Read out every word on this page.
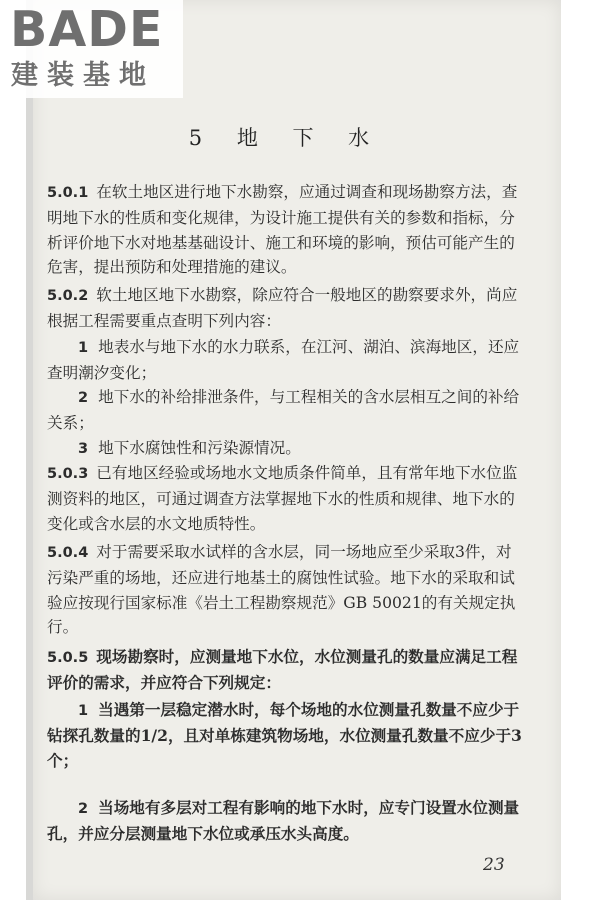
BADE
建装基地
5 地 下 水

5.0.1 在软土地区进行地下水勘察，应通过调查和现场勘察方法，查明地下水的性质和变化规律，为设计施工提供有关的参数和指标，分析评价地下水对地基基础设计、施工和环境的影响，预估可能产生的危害，提出预防和处理措施的建议。

5.0.2 软土地区地下水勘察，除应符合一般地区的勘察要求外，尚应根据工程需要重点查明下列内容：

1 地表水与地下水的水力联系，在江河、湖泊、滨海地区，还应查明潮汐变化；

2 地下水的补给排泄条件，与工程相关的含水层相互之间的补给关系；

3 地下水腐蚀性和污染源情况。

5.0.3 已有地区经验或场地水文地质条件简单，且有常年地下水位监测资料的地区，可通过调查方法掌握地下水的性质和规律、地下水的变化或含水层的水文地质特性。

5.0.4 对于需要采取水试样的含水层，同一场地应至少采取3件，对污染严重的场地，还应进行地基土的腐蚀性试验。地下水的采取和试验应按现行国家标准《岩土工程勘察规范》GB 50021的有关规定执行。

5.0.5 现场勘察时，应测量地下水位，水位测量孔的数量应满足工程评价的需求，并应符合下列规定：

1 当遇第一层稳定潜水时，每个场地的水位测量孔数量不应少于钻探孔数量的1/2，且对单栋建筑物场地，水位测量孔数量不应少于3个；

2 当场地有多层对工程有影响的地下水时，应专门设置水位测量孔，并应分层测量地下水位或承压水头高度。

23
